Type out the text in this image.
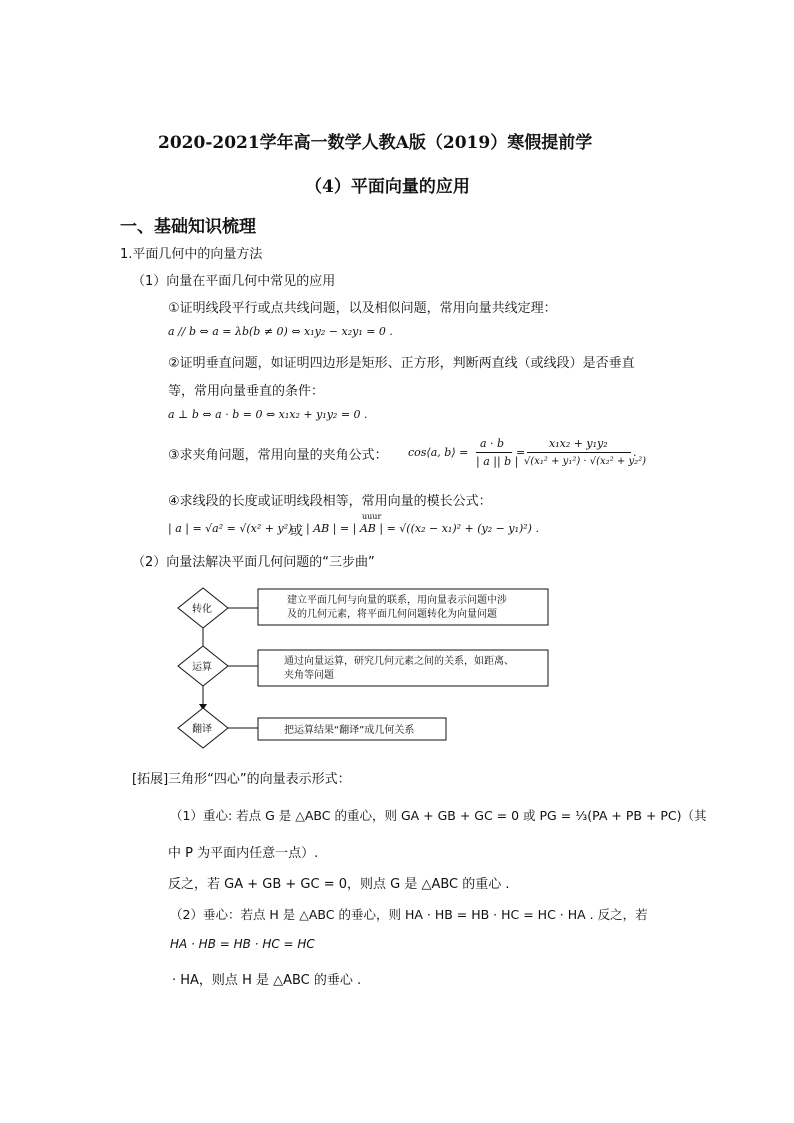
2020-2021学年高一数学人教A版（2019）寒假提前学
（4）平面向量的应用
一、基础知识梳理
1.平面几何中的向量方法
（1）向量在平面几何中常见的应用
①证明线段平行或点共线问题，以及相似问题，常用向量共线定理：
a // b ⇔ a = λb(b ≠ 0) ⇔ x₁y₂ − x₂y₁ = 0 .
②证明垂直问题，如证明四边形是矩形、正方形，判断两直线（或线段）是否垂直
等，常用向量垂直的条件：
a ⊥ b ⇔ a · b = 0 ⇔ x₁x₂ + y₁y₂ = 0 .
③求夹角问题，常用向量的夹角公式： cos⟨a, b⟩ =
a · b
| a || b |
=
x₁x₂ + y₁y₂
√(x₁² + y₁²) · √(x₂² + y₂²)
.
④求线段的长度或证明线段相等，常用向量的模长公式：
| a | = √a² = √(x² + y²)
或 | AB | = | AB | = √((x₂ − x₁)² + (y₂ − y₁)²) .
uuur
（2）向量法解决平面几何问题的“三步曲”
转化
建立平面几何与向量的联系，用向量表示问题中涉
及的几何元素，将平面几何问题转化为向量问题
运算
通过向量运算，研究几何元素之间的关系，如距离、
夹角等问题
翻译	把运算结果“翻译”成几何关系
[拓展]三角形“四心”的向量表示形式：
（1）重心: 若点 G 是 △ABC 的重心，则 GA + GB + GC = 0 或 PG = ⅓(PA + PB + PC)（其
中 P 为平面内任意一点）.
反之，若 GA + GB + GC = 0，则点 G 是 △ABC 的重心 .
（2）垂心：若点 H 是 △ABC 的垂心，则 HA · HB = HB · HC = HC · HA . 反之，若
HA · HB = HB · HC = HC
· HA，则点 H 是 △ABC 的垂心 .
